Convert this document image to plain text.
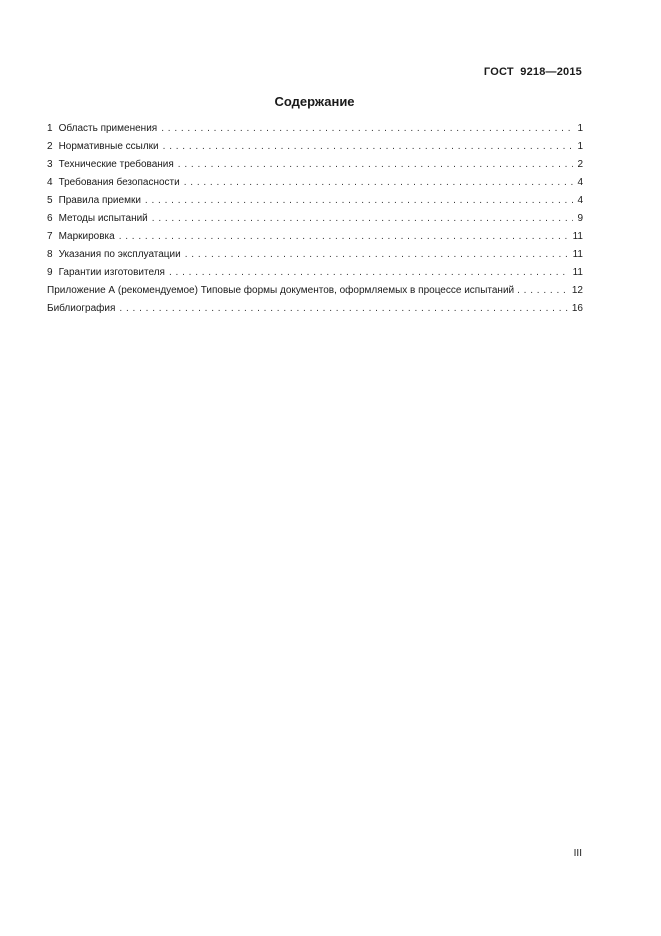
ГОСТ  9218—2015
Содержание
1 Область применения . . .	1
2 Нормативные ссылки . . .	1
3 Технические требования . . .	2
4 Требования безопасности . . .	4
5 Правила приемки . . .	4
6 Методы испытаний . . .	9
7 Маркировка . . .	11
8 Указания по эксплуатации . . .	11
9 Гарантии изготовителя . . .	11
Приложение А (рекомендуемое) Типовые формы документов, оформляемых в процессе испытаний . . .	12
Библиография . . .	16
III
